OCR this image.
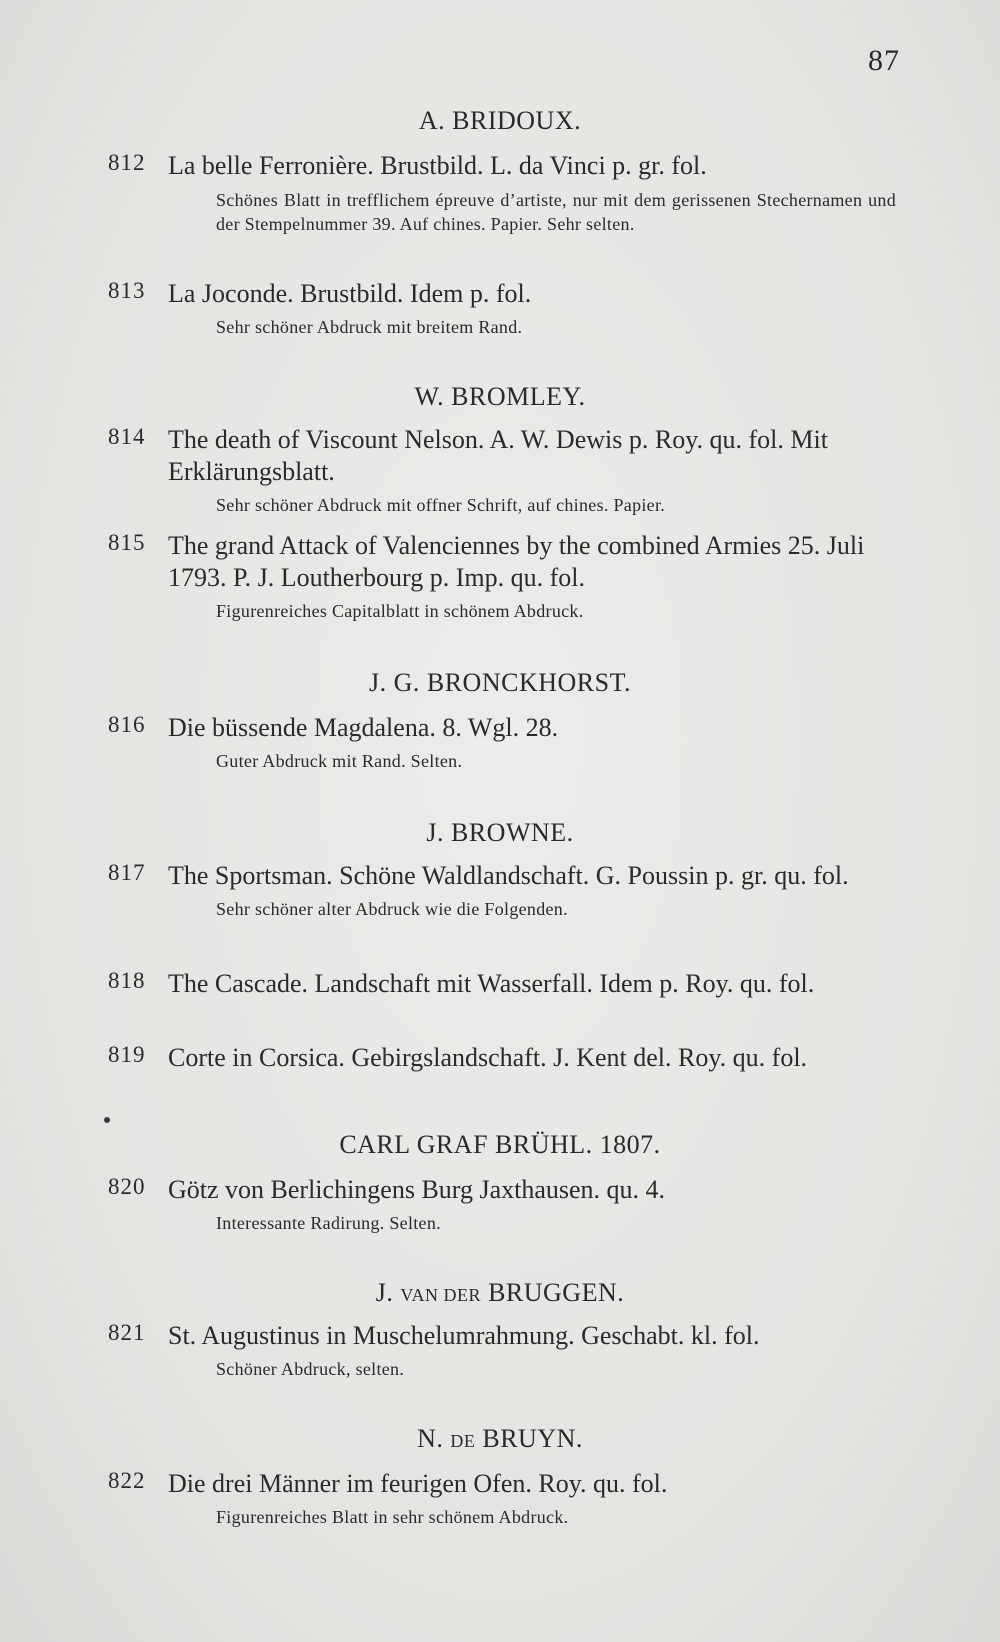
87
A. BRIDOUX.
812 La belle Ferronière. Brustbild. L. da Vinci p. gr. fol.
Schönes Blatt in trefflichem épreuve d’artiste, nur mit dem gerissenen Stechernamen und der Stempelnummer 39. Auf chines. Papier. Sehr selten.
813 La Joconde. Brustbild. Idem p. fol.
Sehr schöner Abdruck mit breitem Rand.
W. BROMLEY.
814 The death of Viscount Nelson. A. W. Dewis p. Roy. qu. fol. Mit Erklärungsblatt.
Sehr schöner Abdruck mit offner Schrift, auf chines. Papier.
815 The grand Attack of Valenciennes by the combined Armies 25. Juli 1793. P. J. Loutherbourg p. Imp. qu. fol.
Figurenreiches Capitalblatt in schönem Abdruck.
J. G. BRONCKHORST.
816 Die büssende Magdalena. 8. Wgl. 28.
Guter Abdruck mit Rand. Selten.
J. BROWNE.
817 The Sportsman. Schöne Waldlandschaft. G. Poussin p. gr. qu. fol.
Sehr schöner alter Abdruck wie die Folgenden.
818 The Cascade. Landschaft mit Wasserfall. Idem p. Roy. qu. fol.
819 Corte in Corsica. Gebirgslandschaft. J. Kent del. Roy. qu. fol.
CARL GRAF BRÜHL. 1807.
820 Götz von Berlichingens Burg Jaxthausen. qu. 4.
Interessante Radirung. Selten.
J. VAN DER BRUGGEN.
821 St. Augustinus in Muschelumrahmung. Geschabt. kl. fol.
Schöner Abdruck, selten.
N. DE BRUYN.
822 Die drei Männer im feurigen Ofen. Roy. qu. fol.
Figurenreiches Blatt in sehr schönem Abdruck.
